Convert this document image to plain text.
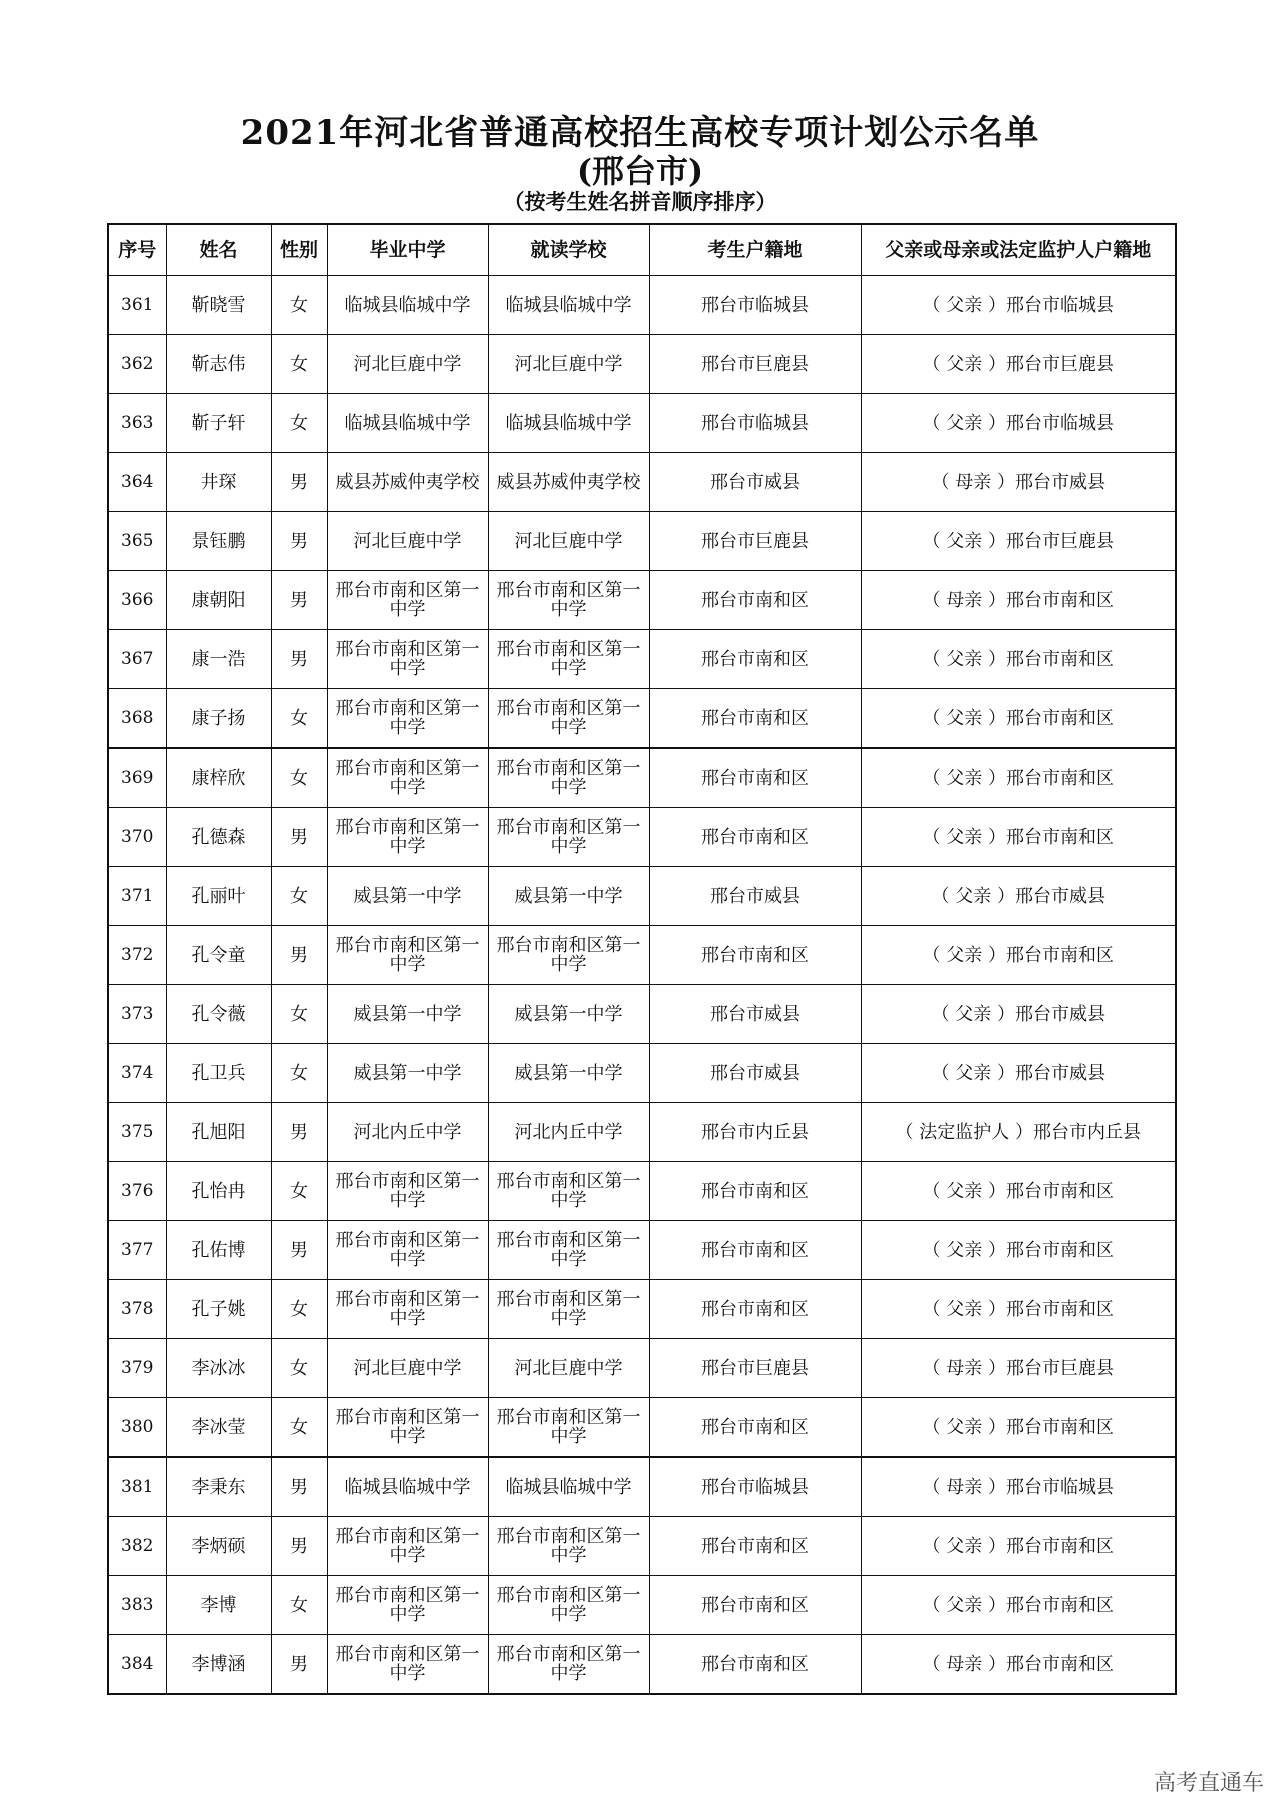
2021年河北省普通高校招生高校专项计划公示名单
(邢台市)
（按考生姓名拼音顺序排序）
序号	姓名	性别	毕业中学	就读学校	考生户籍地	父亲或母亲或法定监护人户籍地
361	靳晓雪	女	临城县临城中学	临城县临城中学	邢台市临城县	（ 父亲 ）邢台市临城县
362	靳志伟	女	河北巨鹿中学	河北巨鹿中学	邢台市巨鹿县	（ 父亲 ）邢台市巨鹿县
363	靳子轩	女	临城县临城中学	临城县临城中学	邢台市临城县	（ 父亲 ）邢台市临城县
364	井琛	男	威县苏威仲夷学校	威县苏威仲夷学校	邢台市威县	（ 母亲 ）邢台市威县
365	景钰鹏	男	河北巨鹿中学	河北巨鹿中学	邢台市巨鹿县	（ 父亲 ）邢台市巨鹿县
366	康朝阳	男	邢台市南和区第一中学	邢台市南和区第一中学	邢台市南和区	（ 母亲 ）邢台市南和区
367	康一浩	男	邢台市南和区第一中学	邢台市南和区第一中学	邢台市南和区	（ 父亲 ）邢台市南和区
368	康子扬	女	邢台市南和区第一中学	邢台市南和区第一中学	邢台市南和区	（ 父亲 ）邢台市南和区
369	康梓欣	女	邢台市南和区第一中学	邢台市南和区第一中学	邢台市南和区	（ 父亲 ）邢台市南和区
370	孔德森	男	邢台市南和区第一中学	邢台市南和区第一中学	邢台市南和区	（ 父亲 ）邢台市南和区
371	孔丽叶	女	威县第一中学	威县第一中学	邢台市威县	（ 父亲 ）邢台市威县
372	孔令童	男	邢台市南和区第一中学	邢台市南和区第一中学	邢台市南和区	（ 父亲 ）邢台市南和区
373	孔令薇	女	威县第一中学	威县第一中学	邢台市威县	（ 父亲 ）邢台市威县
374	孔卫兵	女	威县第一中学	威县第一中学	邢台市威县	（ 父亲 ）邢台市威县
375	孔旭阳	男	河北内丘中学	河北内丘中学	邢台市内丘县	（ 法定监护人 ）邢台市内丘县
376	孔怡冉	女	邢台市南和区第一中学	邢台市南和区第一中学	邢台市南和区	（ 父亲 ）邢台市南和区
377	孔佑博	男	邢台市南和区第一中学	邢台市南和区第一中学	邢台市南和区	（ 父亲 ）邢台市南和区
378	孔子姚	女	邢台市南和区第一中学	邢台市南和区第一中学	邢台市南和区	（ 父亲 ）邢台市南和区
379	李冰冰	女	河北巨鹿中学	河北巨鹿中学	邢台市巨鹿县	（ 母亲 ）邢台市巨鹿县
380	李冰莹	女	邢台市南和区第一中学	邢台市南和区第一中学	邢台市南和区	（ 父亲 ）邢台市南和区
381	李秉东	男	临城县临城中学	临城县临城中学	邢台市临城县	（ 母亲 ）邢台市临城县
382	李炳硕	男	邢台市南和区第一中学	邢台市南和区第一中学	邢台市南和区	（ 父亲 ）邢台市南和区
383	李博	女	邢台市南和区第一中学	邢台市南和区第一中学	邢台市南和区	（ 父亲 ）邢台市南和区
384	李博涵	男	邢台市南和区第一中学	邢台市南和区第一中学	邢台市南和区	（ 母亲 ）邢台市南和区
高考直通车
